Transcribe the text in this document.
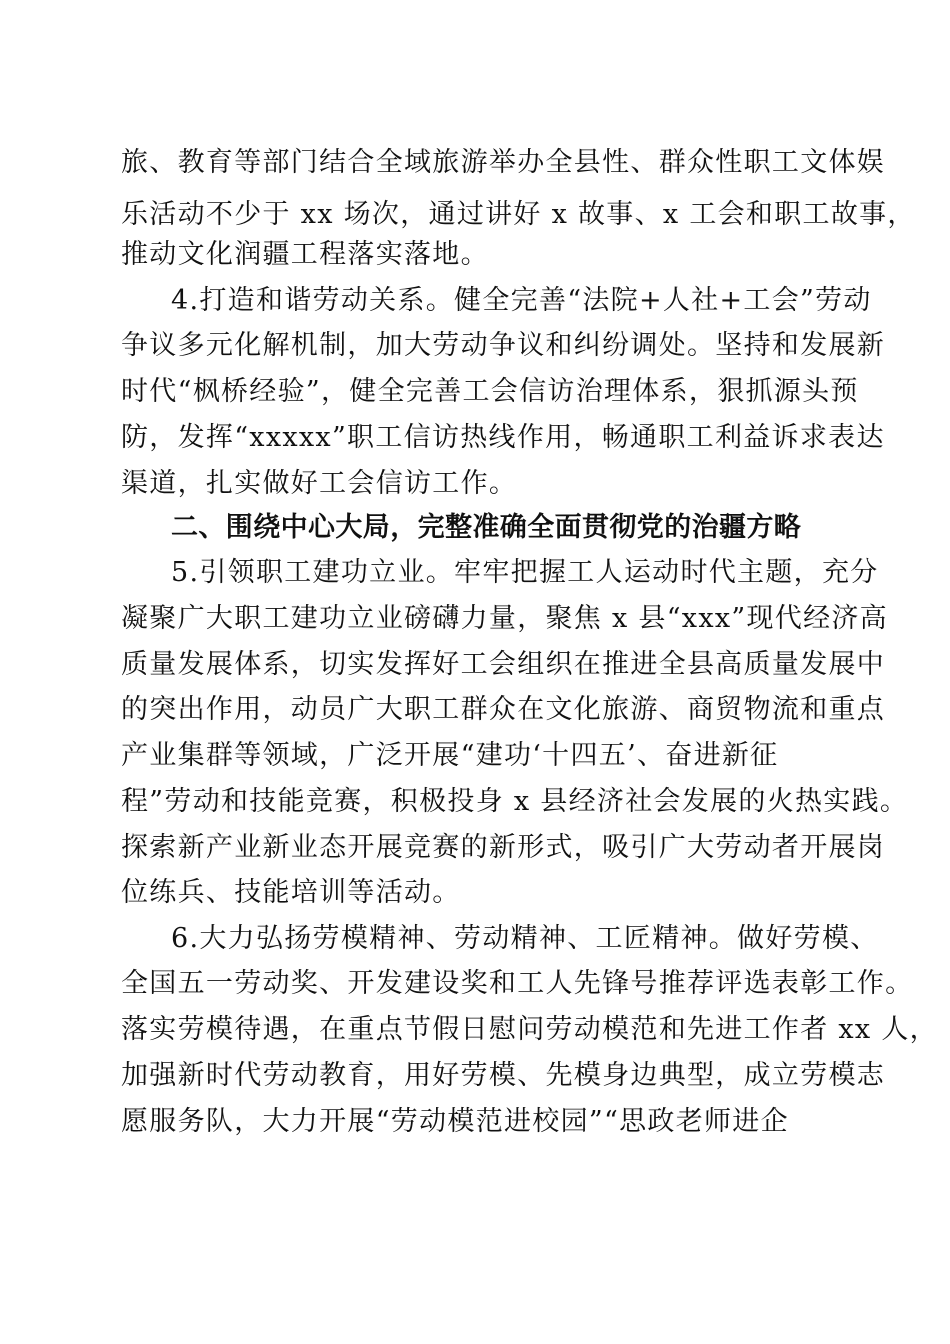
旅、教育等部门结合全域旅游举办全县性、群众性职工文体娱
乐活动不少于 xx 场次，通过讲好 x 故事、x 工会和职工故事，
推动文化润疆工程落实落地。
4.打造和谐劳动关系。健全完善“法院+人社+工会”劳动
争议多元化解机制，加大劳动争议和纠纷调处。坚持和发展新
时代“枫桥经验”，健全完善工会信访治理体系，狠抓源头预
防，发挥“xxxxx”职工信访热线作用，畅通职工利益诉求表达
渠道，扎实做好工会信访工作。
二、围绕中心大局，完整准确全面贯彻党的治疆方略
5.引领职工建功立业。牢牢把握工人运动时代主题，充分
凝聚广大职工建功立业磅礴力量，聚焦 x 县“xxx”现代经济高
质量发展体系，切实发挥好工会组织在推进全县高质量发展中
的突出作用，动员广大职工群众在文化旅游、商贸物流和重点
产业集群等领域，广泛开展“建功‘十四五’、奋进新征
程”劳动和技能竞赛，积极投身 x 县经济社会发展的火热实践。
探索新产业新业态开展竞赛的新形式，吸引广大劳动者开展岗
位练兵、技能培训等活动。
6.大力弘扬劳模精神、劳动精神、工匠精神。做好劳模、
全国五一劳动奖、开发建设奖和工人先锋号推荐评选表彰工作。
落实劳模待遇，在重点节假日慰问劳动模范和先进工作者 xx 人，
加强新时代劳动教育，用好劳模、先模身边典型，成立劳模志
愿服务队，大力开展“劳动模范进校园”“思政老师进企
